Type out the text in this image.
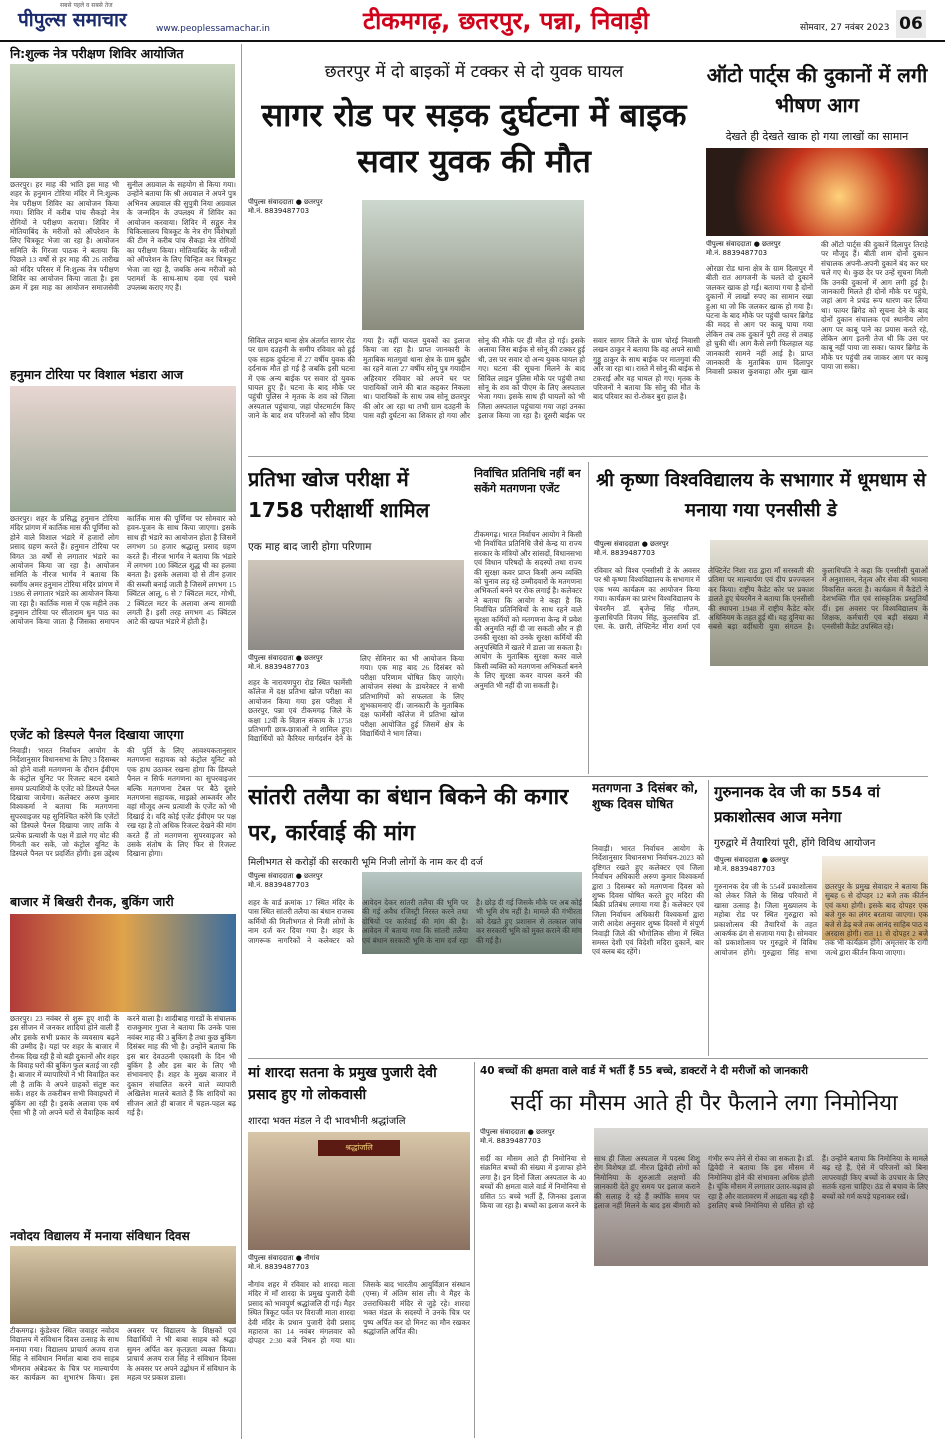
पीपुल्स समाचार
सबसे पहले व सबसे तेज
www.peoplessamachar.in	टीकमगढ़, छतरपुर, पन्ना, निवाड़ी	सोमवार, 27 नवंबर 2023 06
नि:शुल्क नेत्र परीक्षण शिविर आयोजित
छतरपुर। हर माह की भांति इस माह भी शहर के हनुमान टोरिया मंदिर में नि:शुल्क नेत्र परीक्षण शिविर का आयोजन किया गया। शिविर में करीब पांच सैकड़ो नेत्र रोगियों ने परीक्षण कराया। शिविर में मोतियाबिंद के मरीजों को ऑपरेशन के लिए चित्रकूट भेजा जा रहा है। आयोजन समिति के गिरजा पाठक ने बताया कि पिछले 13 वर्षों से हर माह की 26 तारीख को मंदिर परिसर में नि:शुल्क नेत्र परीक्षण शिविर का आयोजन किया जाता है। इस क्रम में इस माह का आयोजन समाजसेवी सुनील अग्रवाल के सहयोग से किया गया। उन्होंने बताया कि श्री अग्रवाल ने अपने पुत्र अभिनव अग्रवाल की सुपुत्री निया अग्रवाल के जन्मदिन के उपलक्ष्य में शिविर का आयोजन करवाया। शिविर में सद्गुरु नेत्र चिकित्सालय चित्रकूट के नेत्र रोग विशेषज्ञों की टीम ने करीब पांच सैकड़ा नेत्र रोगियों का परीक्षण किया। मोतियाबिंद के मरीजों को ऑपरेशन के लिए चिन्हित कर चित्रकूट भेजा जा रहा है, जबकि अन्य मरीजों को परामर्श के साथ-साथ दवा एवं चश्मे उपलब्ध कराए गए हैं।
हनुमान टोरिया पर विशाल भंडारा आज
छतरपुर। शहर के प्रसिद्ध हनुमान टोरिया मंदिर प्रांगण में कार्तिक मास की पूर्णिमा को होने वाले विशाल भंडारे में हजारों लोग प्रसाद ग्रहण करते हैं। हनुमान टोरिया पर विगत 38 वर्षों से लगातार भंडारे का आयोजन किया जा रहा है। आयोजन समिति के नीरज भार्गव ने बताया कि स्वर्गीय अमर हनुमान टोरिया मंदिर प्रांगण में 1986 से लगातार भंडारे का आयोजन किया जा रहा है। कार्तिक मास में एक महीने तक हनुमान टोरिया पर सीताराम धुन पाठ का आयोजन किया जाता है जिसका समापन कार्तिक मास की पूर्णिमा पर सोमवार को हवन-पूजन के साथ किया जाएगा। इसके साथ ही भंडारे का आयोजन होता है जिसमें लगभग 50 हजार श्रद्धालु प्रसाद ग्रहण करते हैं। नीरज भार्गव ने बताया कि भंडारे में लगभग 100 क्विंटल शुद्ध घी का हलवा बनता है। इसके अलावा दो से तीन हजार की सब्जी बनाई जाती है जिसमें लगभग 15 क्विंटल आलू, 6 से 7 क्विंटल मटर, गोभी, 2 क्विंटल मटर के अलावा अन्य सामग्री लगती है। इसी तरह लगभग 45 क्विंटल आटे की खपत भंडारे में होती है।
एजेंट को डिस्पले पैनल दिखाया जाएगा
निवाड़ी। भारत निर्वाचन आयोग के निर्देशानुसार विधानसभा के लिए 3 दिसम्बर को होने वाली मतगणना के दौरान ईवीएम के कंट्रोल यूनिट पर रिजल्ट बटन दबाते समय प्रत्याशियों के एजेंट को डिस्पले पैनल दिखाया जायेगा। कलेक्टर अरुण कुमार विश्वकर्मा ने बताया कि मतगणना सुपरवाइजर यह सुनिश्चित करेंगे कि एजेंटों को डिस्पले पैनल दिखाया जाए ताकि वे प्रत्येक प्रत्याशी के पक्ष में डाले गए वोट की गिनती कर सकें, जो कंट्रोल यूनिट के डिस्पले पैनल पर प्रदर्शित होंगी। इस उद्देश्य की पूर्ति के लिए आवश्यकतानुसार मतगणना सहायक को कंट्रोल यूनिट को एक हाथ उठाकर रखना होगा कि डिस्पले पैनल न सिर्फ मतगणना का सुपरवाइजर बल्कि मतगणना टेबल पर बैठे दूसरे मतगणना सहायक, माइक्रो आब्जर्वर और वहां मौजूद अन्य प्रत्याशी के एजेंट को भी दिखाई दे। यदि कोई एजेंट ईवीएम पर पक्ष रख रहा है तो अधिक रिजल्ट देखने की मांग करते हैं तो मतगणना सुपरवाइजर को उसके संतोष के लिए फिर से रिजल्ट दिखाना होगा।
बाजार में बिखरी रौनक, बुकिंग जारी
छतरपुर। 23 नवंबर से शुरू हुए शादी के इस सीजन में जनकर शादियां होने वाली हैं और इसके सभी प्रकार के व्यवसाय बढ़ने की उम्मीद है। यहां पर शहर के बाजार में रौनक दिख रही है वो बड़ी दुकानों और शहर के विवाह घरों की बुकिंग फुल बताई जा रही है। बाजार में व्यापारियों ने भी विवाहित कर ली है ताकि वे अपने ग्राहकों संतुष्ट कर सकें। शहर के तकरीबन सभी विवाहघरों में बुकिंग आ रही है। इसके अलावा एक वर्ष ऐसा भी है जो अपने घरों से वैवाहिक कार्य करने वाला है। शादीबाह गारडों के संचालक राजकुमार गुप्ता ने बताया कि उनके पास नवंबर माह की 3 बुकिंग है तथा कुछ बुकिंग दिसंबर माह की भी है। उन्होंने बताया कि इस बार देवउठनी एकादशी के दिन भी बुकिंग है और इस बार के लिए भी संभावनाएं हैं। शहर के मुख्य बाजार में दुकान संचालित करने वाले व्यापारी अखिलेश मालवे बताते हैं कि शादियों का सीजन आते ही बाजार में चहल-पहल बढ़ गई है।
नवोदय विद्यालय में मनाया संविधान दिवस
टीकमगढ़। कुंडेश्वर स्थित जवाहर नवोदय विद्यालय में संविधान दिवस उत्साह के साथ मनाया गया। विद्यालय प्राचार्य अजय राज सिंह ने संविधान निर्माता बाबा राव साहब भीमराव अंबेडकर के चित्र पर माल्यार्पण कर कार्यक्रम का शुभारंभ किया। इस अवसर पर विद्यालय के शिक्षकों एवं विद्यार्थियों ने भी बाबा साहब को श्रद्धा सुमन अर्पित कर कृतज्ञता व्यक्त किया। प्राचार्य अजय राज सिंह ने संविधान दिवस के अवसर पर अपने उद्बोधन में संविधान के महत्व पर प्रकाश डाला।
छतरपुर में दो बाइकों में टक्कर से दो युवक घायल
सागर रोड पर सड़क दुर्घटना में बाइक सवार युवक की मौत
पीपुल्स संवाददाता ● छतरपुर
मो.नं. 8839487703
सिविल लाइन थाना क्षेत्र अंतर्गत सागर रोड पर ग्राम दउहनी के समीप रविवार को हुई एक सड़क दुर्घटना में 27 वर्षीय युवक की दर्दनाक मौत हो गई है जबकि इसी घटना में एक अन्य बाईक पर सवार दो युवक घायल हुए हैं। घटना के बाद मौके पर पहुंची पुलिस ने मृतक के शव को जिला अस्पताल पहुंचाया, जहां पोस्टमार्टम किए जाने के बाद शव परिजनों को सौंप दिया गया है। वहीं घायल युवकों का इलाज किया जा रहा है। प्राप्त जानकारी के मुताबिक मातगुवां थाना क्षेत्र के ग्राम बुढ़ौर का रहने वाला 27 वर्षीय सोनू पुत्र गयादीन अहिरवार रविवार को अपने घर पर पारायिकों जाने की बात कहकर निकला था। पारायिकों के साथ जब सोनू छतरपुर की ओर आ रहा था तभी ग्राम दउहनी के पास वही दुर्घटना का शिकार हो गया और सोनू की मौके पर ही मौत हो गई। इसके अलावा जिस बाईक से सोनू की टक्कर हुई थी, उस पर सवार दो अन्य युवक घायल हो गए। घटना की सूचना मिलने के बाद सिविल लाइन पुलिस मौके पर पहुंची तथा सोनू के शव को पीएम के लिए अस्पताल भेजा गया। इसके साथ ही घायलों को भी जिला अस्पताल पहुंचाया गया जहां उनका इलाज किया जा रहा है। दूसरी बाईक पर सवार सागर जिले के ग्राम चोरई निवासी लखन ठाकुर ने बताया कि वह अपने साथी गुड्डू ठाकुर के साथ बाईक पर मातगुवां की ओर जा रहा था। रास्ते में सोनू की बाईक से टकराई और वह घायल हो गए। मृतक के परिजनों ने बताया कि सोनू की मौत के बाद परिवार का रो-रोकर बुरा हाल है।
ऑटो पार्ट्स की दुकानों में लगी भीषण आग
देखते ही देखते खाक हो गया लाखों का सामान
पीपुल्स संवाददाता ● छतरपुर
मो.नं. 8839487703
ओरछा रोड थाना क्षेत्र के ग्राम दिलापुर में बीती रात आगजनी के चलते दो दुकानें जलकर खाक हो गईं। बताया गया है दोनों दुकानों में लाखों रुपए का सामान रखा हुआ था जो कि जलकर खाक हो गया है। घटना के बाद मौके पर पहुंची फायर ब्रिगेड की मदद से आग पर काबू पाया गया लेकिन तब तक दुकानें पूरी तरह से तबाह हो चुकी थीं। आग कैसे लगी फिलहाल यह जानकारी सामने नहीं आई है। प्राप्त जानकारी के मुताबिक ग्राम दिलापुर निवासी प्रकाश कुशवाहा और मुन्ना खान की ऑटो पार्ट्स की दुकानें दिलापुर तिराहे पर मौजूद हैं। बीती शाम दोनों दुकान संचालक अपनी-अपनी दुकानें बंद कर घर चले गए थे। कुछ देर पर उन्हें सूचना मिली कि उनकी दुकानों में आग लगी हुई है। जानकारी मिलते ही दोनों मौके पर पहुंचे, जहां आग ने प्रचंड रूप धारण कर लिया था। फायर ब्रिगेड को सूचना देने के बाद दोनों दुकान संचालक एवं स्थानीय लोग आग पर काबू पाने का प्रयास करते रहे, लेकिन आग इतनी तेज थी कि उस पर काबू नहीं पाया जा सका। फायर ब्रिगेड के मौके पर पहुंची तब जाकर आग पर काबू पाया जा सका।
प्रतिभा खोज परीक्षा में 1758 परीक्षार्थी शामिल
एक माह बाद जारी होगा परिणाम
पीपुल्स संवाददाता ● छतरपुर
मो.नं. 8839487703
शहर के नारायणपुरा रोड स्थित फार्मेसी कॉलेज में दक्ष प्रतिभा खोज परीक्षा का आयोजन किया गया इस परीक्षा में छतरपुर, पन्ना एवं टीकमगढ़ जिले के कक्षा 12वीं के विज्ञान संकाय के 1758 प्रतिभागी छात्र-छात्राओं ने शामिल हुए। विद्यार्थियों को कैरियर मार्गदर्शन देने के लिए सेमिनार का भी आयोजन किया गया। एक माह बाद 26 दिसंबर को परीक्षा परिणाम घोषित किए जाएंगे। आयोजन संस्था के डायरेक्टर ने सभी प्रतिभागियों को सफलता के लिए शुभकामनाएं दीं। जानकारी के मुताबिक दक्ष फार्मेसी कॉलेज में प्रतिभा खोज परीक्षा आयोजित हुई जिसमें क्षेत्र के विद्यार्थियों ने भाग लिया।
निर्वाचित प्रतिनिधि नहीं बन सकेंगे मतगणना एजेंट
टीकमगढ़। भारत निर्वाचन आयोग ने किसी भी निर्वाचित प्रतिनिधि जैसे केन्द्र या राज्य सरकार के मंत्रियों और सांसदों, विधानसभा एवं विधान परिषदों के सदस्यों तथा राज्य की सुरक्षा कवर प्राप्त किसी अन्य व्यक्ति को चुनाव लड़ रहे उम्मीदवारों के मतगणना अभिकर्ता बनने पर रोक लगाई है। कलेक्टर ने बताया कि आयोग ने कहा है कि निर्वाचित प्रतिनिधियों के साथ रहने वाले सुरक्षा कर्मियों को मतगणना केन्द्र में प्रवेश की अनुमति नहीं दी जा सकती और न ही उनकी सुरक्षा को उनके सुरक्षा कर्मियों की अनुपस्थिति में खतरे में डाला जा सकता है। आयोग के मुताबिक सुरक्षा कवर वाले किसी व्यक्ति को मतगणना अभिकर्ता बनने के लिए सुरक्षा कवर वापस करने की अनुमति भी नहीं दी जा सकती है।
श्री कृष्णा विश्वविद्यालय के सभागार में धूमधाम से मनाया गया एनसीसी डे
पीपुल्स संवाददाता ● छतरपुर
मो.नं. 8839487703
रविवार को विश्व एनसीसी डे के अवसर पर श्री कृष्णा विश्वविद्यालय के सभागार में एक भव्य कार्यक्रम का आयोजन किया गया। कार्यक्रम का प्रारंभ विश्वविद्यालय के चेयरमैन डॉ. बृजेन्द्र सिंह गौतम, कुलाधिपति विजय सिंह, कुलसचिव डॉ. एस. के. छारी, लेफ्टिनेंट मीरा शर्मा एवं लेफ्टिनेंट निशा राठ द्वारा माँ सरस्वती की प्रतिमा पर माल्यार्पण एवं दीप प्रज्ज्वलन कर किया। राष्ट्रीय कैडेट कोर पर प्रकाश डालते हुए चेयरमैन ने बताया कि एनसीसी की स्थापना 1948 में राष्ट्रीय कैडेट कोर अधिनियम के तहत हुई थी। यह दुनिया का सबसे बड़ा वर्दीधारी युवा संगठन है। कुलाधिपति ने कहा कि एनसीसी युवाओं में अनुशासन, नेतृत्व और सेवा की भावना विकसित करता है। कार्यक्रम में कैडेटों ने देशभक्ति गीत एवं सांस्कृतिक प्रस्तुतियाँ दीं। इस अवसर पर विश्वविद्यालय के शिक्षक, कर्मचारी एवं बड़ी संख्या में एनसीसी कैडेट उपस्थित रहे।
सांतरी तलैया का बंधान बिकने की कगार पर, कार्रवाई की मांग
मिलीभगत से करोड़ों की सरकारी भूमि निजी लोगों के नाम कर दी दर्ज
पीपुल्स संवाददाता ● छतरपुर
मो.नं. 8839487703
शहर के वार्ड क्रमांक 17 स्थित मंदिर के पास स्थित सांतरी तलैया का बंधान राजस्व कर्मियों की मिलीभगत से निजी लोगों के नाम दर्ज कर दिया गया है। शहर के जागरूक नागरिकों ने कलेक्टर को आवेदन देकर सांतरी तलैया की भूमि पर की गई अवैध रजिस्ट्री निरस्त करने तथा दोषियों पर कार्रवाई की मांग की है। आवेदन में बताया गया कि सांतरी तलैया एवं बंधान सरकारी भूमि के नाम दर्ज रहा है। छोड़ दी गई जिसके मौके पर अब कोई भी भूमि शेष नहीं है। मामले की गंभीरता को देखते हुए प्रशासन से तत्काल जांच कर सरकारी भूमि को मुक्त कराने की मांग की गई है।
मतगणना 3 दिसंबर को, शुष्क दिवस घोषित
निवाड़ी। भारत निर्वाचन आयोग के निर्देशानुसार विधानसभा निर्वाचन-2023 को दृष्टिगत रखते हुए कलेक्टर एवं जिला निर्वाचन अधिकारी अरुण कुमार विश्वकर्मा द्वारा 3 दिसम्बर को मतगणना दिवस को शुष्क दिवस घोषित करते हुए मदिरा की बिक्री प्रतिबंध लगाया गया है। कलेक्टर एवं जिला निर्वाचन अधिकारी विश्वकर्मा द्वारा जारी आदेश अनुसार शुष्क दिवसों में संपूर्ण निवाड़ी जिले की भौगोलिक सीमा में स्थित समस्त देशी एवं विदेशी मदिरा दुकानें, बार एवं क्लब बंद रहेंगे।
गुरुनानक देव जी का 554 वां प्रकाशोत्सव आज मनेगा
गुरुद्वारे में तैयारियां पूरी, होंगे विविध आयोजन
पीपुल्स संवाददाता ● छतरपुर
मो.नं. 8839487703
गुरुनानक देव जी के 554वें प्रकाशोत्सव को लेकर जिले के सिख परिवारों में खासा उत्साह है। जिला मुख्यालय के महोबा रोड पर स्थित गुरुद्वारा को प्रकाशोत्सव की तैयारियों के तहत आकर्षक ढंग से सजाया गया है। सोमवार को प्रकाशोत्सव पर गुरुद्वारे में विविध आयोजन होंगे। गुरुद्वारा सिंह सभा छतरपुर के प्रमुख सेवादार ने बताया कि सुबह 6 से दोपहर 12 बजे तक कीर्तन एवं कथा होगी। इसके बाद दोपहर एक बजे गुरु का लंगर बरताया जाएगा। एक बजे से डेढ़ बजे तक आनंद साहिब पाठ व अरदास होगी। रात 11 से दोपहर 2 बजे तक भी कार्यक्रम होंगे। अमृतसर के रागी जत्थे द्वारा कीर्तन किया जाएगा।
मां शारदा सतना के प्रमुख पुजारी देवी प्रसाद हुए गो लोकवासी
शारदा भक्त मंडल ने दी भावभीनी श्रद्धांजलि
श्रद्धांजलि
पीपुल्स संवाददाता ● नौगांव
मो.नं. 8839487703
नौगांव शहर में रविवार को शारदा माता मंदिर में माँ शारदा के प्रमुख पुजारी देवी प्रसाद को भावपूर्ण श्रद्धांजलि दी गई। मैहर स्थित त्रिकूट पर्वत पर विराजी माता शारदा देवी मंदिर के प्रधान पुजारी देवी प्रसाद महाराज का 14 नवंबर मंगलवार को दोपहर 2:30 बजे निधन हो गया था। जिसके बाद भारतीय आयुर्विज्ञान संस्थान (एम्स) में अंतिम सांस ली। वे मैहर के उत्तराधिकारी मंदिर से जुड़े रहे। शारदा भक्त मंडल के सदस्यों ने उनके चित्र पर पुष्प अर्पित कर दो मिनट का मौन रखकर श्रद्धांजलि अर्पित की।
40 बच्चों की क्षमता वाले वार्ड में भर्ती हैं 55 बच्चे, डाक्टरों ने दी मरीजों को जानकारी
सर्दी का मौसम आते ही पैर फैलाने लगा निमोनिया
पीपुल्स संवाददाता ● छतरपुर
मो.नं. 8839487703
सर्दी का मौसम आते ही निमोनिया से संक्रमित बच्चों की संख्या में इजाफा होने लगा है। इन दिनों जिला अस्पताल के 40 बच्चों की क्षमता वाले वार्ड में निमोनिया से ग्रसित 55 बच्चे भर्ती हैं, जिनका इलाज किया जा रहा है। बच्चों का इलाज करने के साथ ही जिला अस्पताल में पदस्थ शिशु रोग विशेषज्ञ डॉ. नीरज द्विवेदी लोगों को निमोनिया के शुरुआती लक्षणों की जानकारी देते हुए समय पर इलाज कराने की सलाह दे रहे हैं क्योंकि समय पर इलाज नहीं मिलने के बाद इस बीमारी को गंभीर रूप लेने से रोका जा सकता है। डॉ. द्विवेदी ने बताया कि इस मौसम में निमोनिया होने की संभावना अधिक होती है। चूंकि मौसम में लगातार उतार-चढ़ाव हो रहा है और वातावरण में आद्रता बढ़ रही है इसलिए बच्चे निमोनिया से ग्रसित हो रहे हैं। उन्होंने बताया कि निमोनिया के मामले बढ़ रहे हैं, ऐसे में परिजनों को बिना लापरवाही किए बच्चों के उपचार के लिए सतर्क रहना चाहिए। ठंड से बचाव के लिए बच्चों को गर्म कपड़े पहनाकर रखें।
